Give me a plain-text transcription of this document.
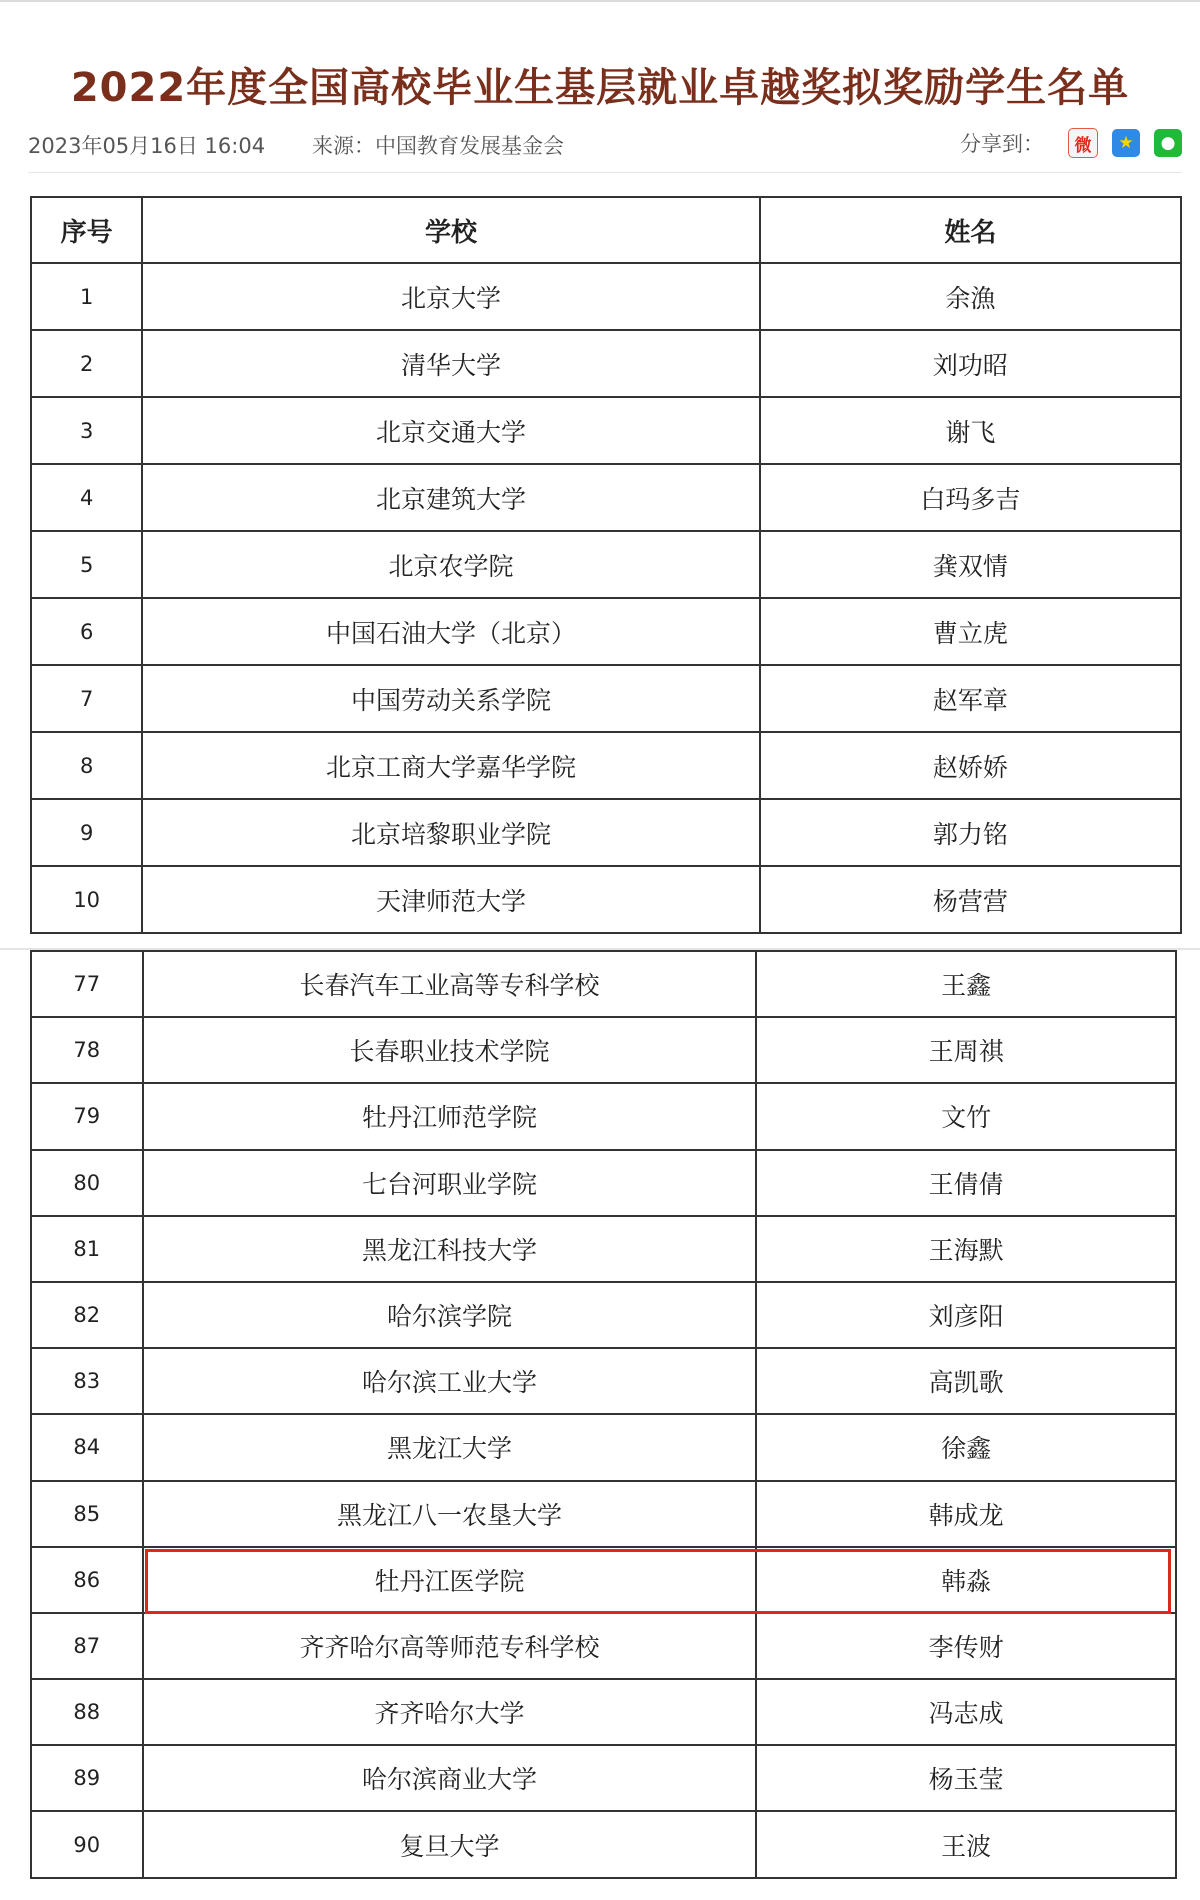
2022年度全国高校毕业生基层就业卓越奖拟奖励学生名单
2023年05月16日 16:04 来源：中国教育发展基金会	分享到：	微	★	●
序号	学校	姓名
1	北京大学	余漁
2	清华大学	刘功昭
3	北京交通大学	谢飞
4	北京建筑大学	白玛多吉
5	北京农学院	龚双情
6	中国石油大学（北京）	曹立虎
7	中国劳动关系学院	赵军章
8	北京工商大学嘉华学院	赵娇娇
9	北京培黎职业学院	郭力铭
10	天津师范大学	杨营营
77	长春汽车工业高等专科学校	王鑫
78	长春职业技术学院	王周祺
79	牡丹江师范学院	文竹
80	七台河职业学院	王倩倩
81	黑龙江科技大学	王海默
82	哈尔滨学院	刘彦阳
83	哈尔滨工业大学	高凯歌
84	黑龙江大学	徐鑫
85	黑龙江八一农垦大学	韩成龙
86	牡丹江医学院	韩淼
87	齐齐哈尔高等师范专科学校	李传财
88	齐齐哈尔大学	冯志成
89	哈尔滨商业大学	杨玉莹
90	复旦大学	王波
